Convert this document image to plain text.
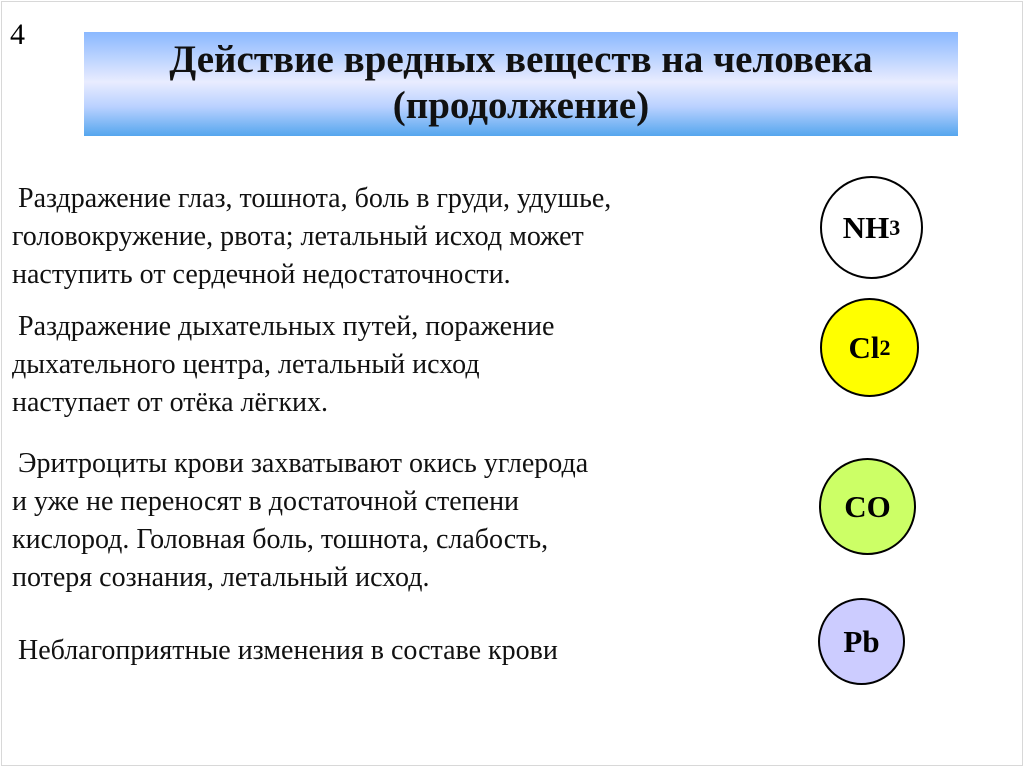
4
Действие вредных веществ на человека
(продолжение)
Раздражение глаз, тошнота, боль в груди, удушье,
головокружение, рвота; летальный исход может
наступить от сердечной недостаточности.
NH 3
Раздражение дыхательных путей, поражение
дыхательного центра, летальный исход
наступает от отёка лёгких.
Cl 2
Эритроциты крови захватывают окись углерода
и уже не переносят в достаточной степени
кислород. Головная боль, тошнота, слабость,
потеря сознания, летальный исход.
CO
Неблагоприятные изменения в составе крови	Pb
